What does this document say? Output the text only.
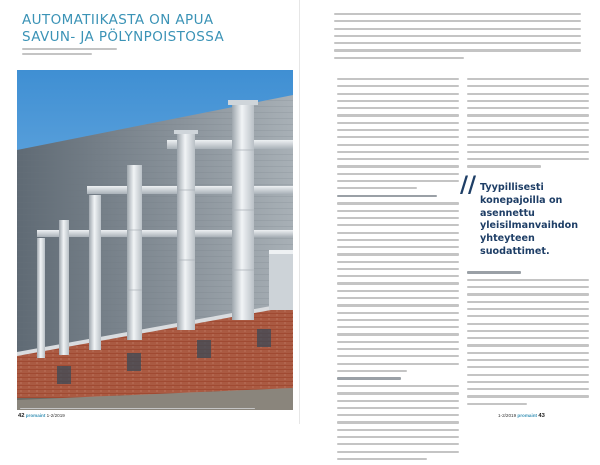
AUTOMATIIKASTA ON APUA
SAVUN- JA PÖLYNPOISTOSSA
42 promaint 1-2/2019
// Tyypillisesti konepajoilla on asennettu yleisilmanvaihdon yhteyteen suodattimet.
1-2/2019 promaint 43
